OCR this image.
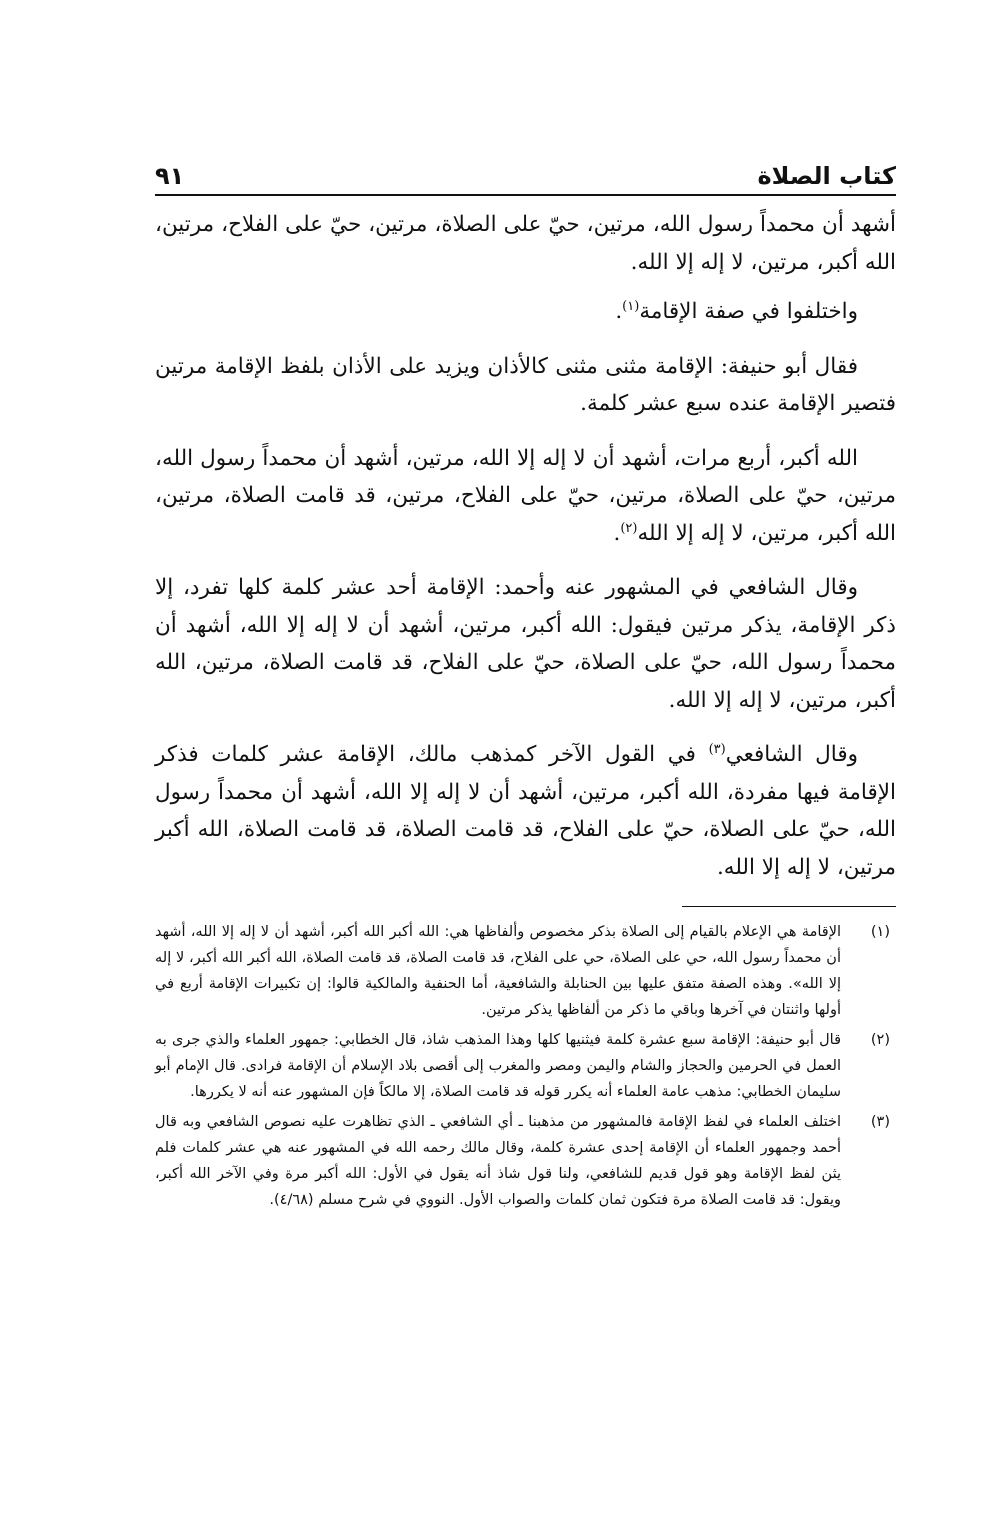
كتاب الصلاة
٩١

أشهد أن محمداً رسول الله، مرتين، حيّ على الصلاة، مرتين، حيّ على الفلاح، مرتين، الله أكبر، مرتين، لا إله إلا الله.

واختلفوا في صفة الإقامة$^{(١)}$.

فقال أبو حنيفة: الإقامة مثنى مثنى كالأذان ويزيد على الأذان بلفظ الإقامة مرتين فتصير الإقامة عنده سبع عشر كلمة.

الله أكبر، أربع مرات، أشهد أن لا إله إلا الله، مرتين، أشهد أن محمداً رسول الله، مرتين، حيّ على الصلاة، مرتين، حيّ على الفلاح، مرتين، قد قامت الصلاة، مرتين، الله أكبر، مرتين، لا إله إلا الله$^{(٢)}$.

وقال الشافعي في المشهور عنه وأحمد: الإقامة أحد عشر كلمة كلها تفرد، إلا ذكر الإقامة، يذكر مرتين فيقول: الله أكبر، مرتين، أشهد أن لا إله إلا الله، أشهد أن محمداً رسول الله، حيّ على الصلاة، حيّ على الفلاح، قد قامت الصلاة، مرتين، الله أكبر، مرتين، لا إله إلا الله.

وقال الشافعي$^{(٣)}$ في القول الآخر كمذهب مالك، الإقامة عشر كلمات فذكر الإقامة فيها مفردة، الله أكبر، مرتين، أشهد أن لا إله إلا الله، أشهد أن محمداً رسول الله، حيّ على الصلاة، حيّ على الفلاح، قد قامت الصلاة، قد قامت الصلاة، الله أكبر مرتين، لا إله إلا الله.

(١)
الإقامة هي الإعلام بالقيام إلى الصلاة بذكر مخصوص وألفاظها هي: الله أكبر الله أكبر، أشهد أن لا إله إلا الله، أشهد أن محمداً رسول الله، حي على الصلاة، حي على الفلاح، قد قامت الصلاة، قد قامت الصلاة، الله أكبر الله أكبر، لا إله إلا الله». وهذه الصفة متفق عليها بين الحنابلة والشافعية، أما الحنفية والمالكية قالوا: إن تكبيرات الإقامة أربع في أولها واثنتان في آخرها وباقي ما ذكر من ألفاظها يذكر مرتين.
(٢)
قال أبو حنيفة: الإقامة سبع عشرة كلمة فيثنيها كلها وهذا المذهب شاذ، قال الخطابي: جمهور العلماء والذي جرى به العمل في الحرمين والحجاز والشام واليمن ومصر والمغرب إلى أقصى بلاد الإسلام أن الإقامة فرادى. قال الإمام أبو سليمان الخطابي: مذهب عامة العلماء أنه يكرر قوله قد قامت الصلاة، إلا مالكاً فإن المشهور عنه أنه لا يكررها.
(٣)
اختلف العلماء في لفظ الإقامة فالمشهور من مذهبنا ـ أي الشافعي ـ الذي تظاهرت عليه نصوص الشافعي وبه قال أحمد وجمهور العلماء أن الإقامة إحدى عشرة كلمة، وقال مالك رحمه الله في المشهور عنه هي عشر كلمات فلم يثن لفظ الإقامة وهو قول قديم للشافعي، ولنا قول شاذ أنه يقول في الأول: الله أكبر مرة وفي الآخر الله أكبر، ويقول: قد قامت الصلاة مرة فتكون ثمان كلمات والصواب الأول. النووي في شرح مسلم (٤/٦٨).
